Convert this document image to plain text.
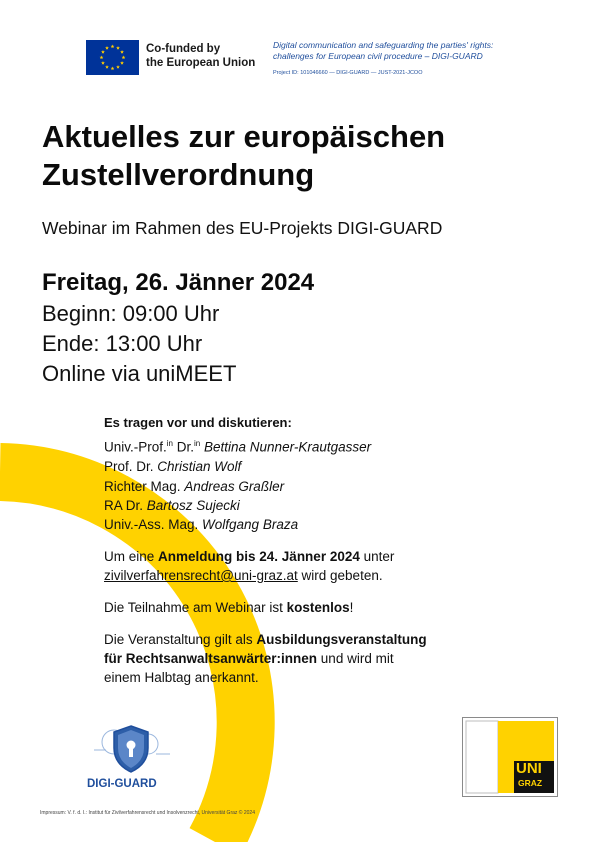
Co-funded by
the European Union
Digital communication and safeguarding the parties' rights:
challenges for European civil procedure – DIGI-GUARD
Project ID: 101046660 — DIGI-GUARD — JUST-2021-JCOO
Aktuelles zur europäischen
Zustellverordnung
Webinar im Rahmen des EU-Projekts DIGI-GUARD
Freitag, 26. Jänner 2024
Beginn: 09:00 Uhr
Ende: 13:00 Uhr
Online via uniMEET
Es tragen vor und diskutieren:
Univ.-Prof.$^{in}$ Dr.$^{in}$ Bettina Nunner-Krautgasser
Prof. Dr. Christian Wolf
Richter Mag. Andreas Graßler
RA Dr. Bartosz Sujecki
Univ.-Ass. Mag. Wolfgang Braza
Um eine Anmeldung bis 24. Jänner 2024 unter
zivilverfahrensrecht@uni-graz.at wird gebeten.
Die Teilnahme am Webinar ist kostenlos!
Die Veranstaltung gilt als Ausbildungsveranstaltung
für Rechtsanwaltsanwärter:innen und wird mit
einem Halbtag anerkannt.
DIGI-GUARD
Impressum: V. f. d. I.: Institut für Zivilverfahrensrecht und Insolvenzrecht, Universität Graz © 2024
UNI
GRAZ
